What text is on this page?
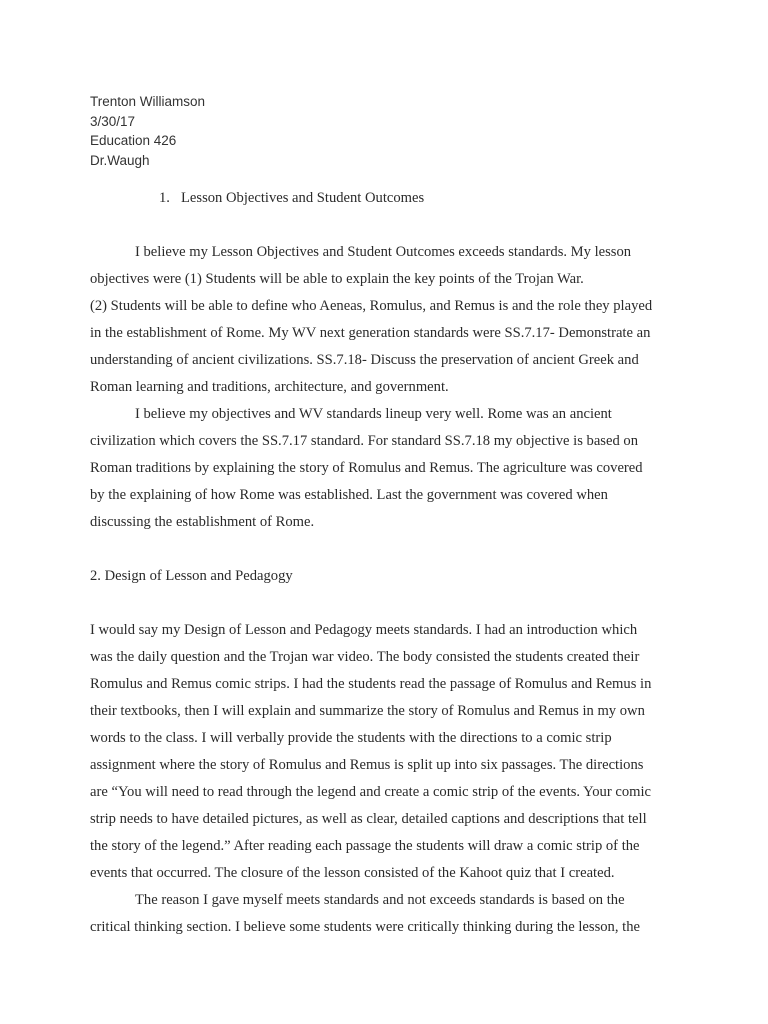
Trenton Williamson
3/30/17
Education 426
Dr.Waugh
1. Lesson Objectives and Student Outcomes
I believe my Lesson Objectives and Student Outcomes exceeds standards. My lesson
objectives were (1) Students will be able to explain the key points of the Trojan War.
(2) Students will be able to define who Aeneas, Romulus, and Remus is and the role they played
in the establishment of Rome. My WV next generation standards were SS.7.17- Demonstrate an
understanding of ancient civilizations. SS.7.18- Discuss the preservation of ancient Greek and
Roman learning and traditions, architecture, and government.
I believe my objectives and WV standards lineup very well. Rome was an ancient
civilization which covers the SS.7.17 standard. For standard SS.7.18 my objective is based on
Roman traditions by explaining the story of Romulus and Remus. The agriculture was covered
by the explaining of how Rome was established. Last the government was covered when
discussing the establishment of Rome.
2. Design of Lesson and Pedagogy
I would say my Design of Lesson and Pedagogy meets standards. I had an introduction which
was the daily question and the Trojan war video. The body consisted the students created their
Romulus and Remus comic strips. I had the students read the passage of Romulus and Remus in
their textbooks, then I will explain and summarize the story of Romulus and Remus in my own
words to the class. I will verbally provide the students with the directions to a comic strip
assignment where the story of Romulus and Remus is split up into six passages. The directions
are “You will need to read through the legend and create a comic strip of the events. Your comic
strip needs to have detailed pictures, as well as clear, detailed captions and descriptions that tell
the story of the legend.” After reading each passage the students will draw a comic strip of the
events that occurred. The closure of the lesson consisted of the Kahoot quiz that I created.
The reason I gave myself meets standards and not exceeds standards is based on the
critical thinking section. I believe some students were critically thinking during the lesson, the
